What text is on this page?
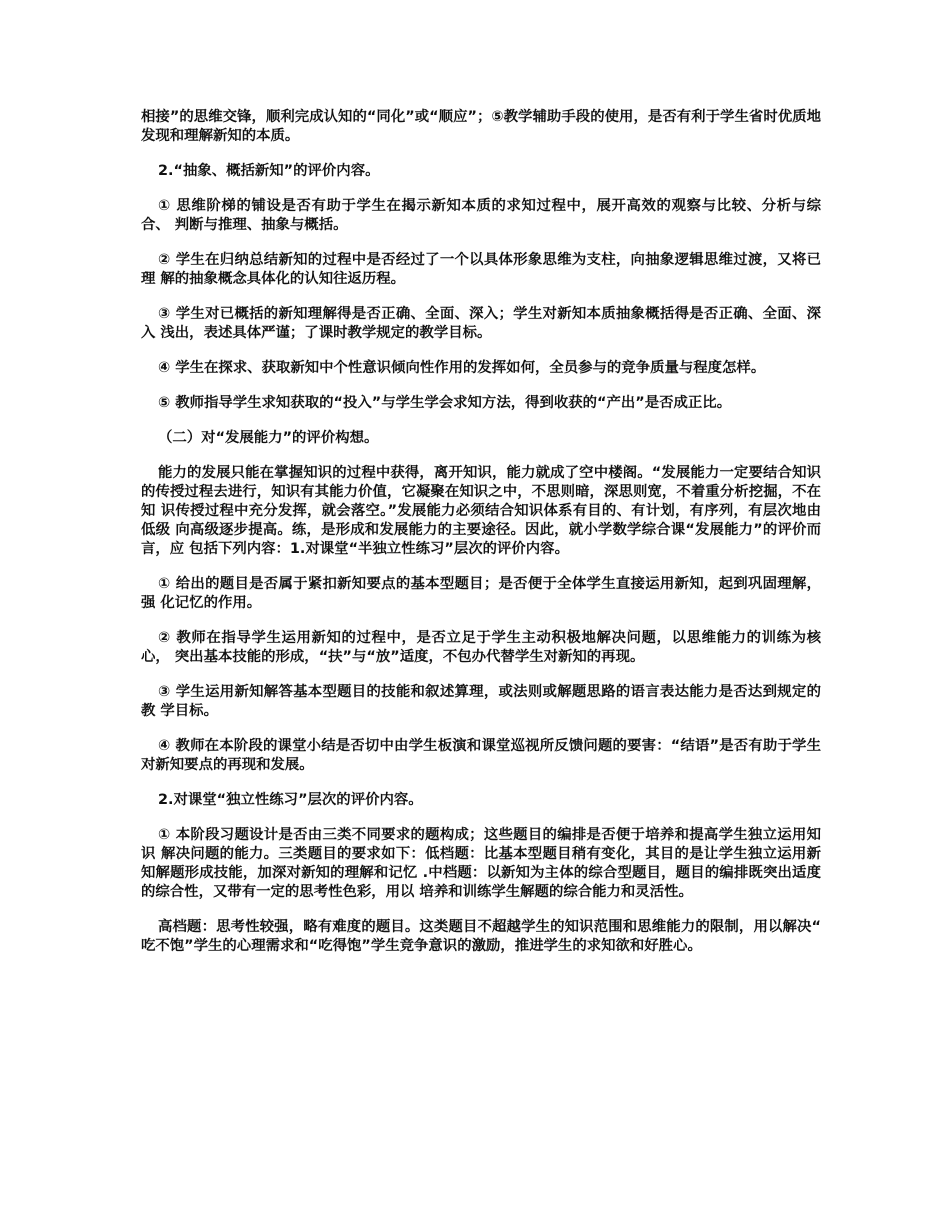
相接”的思维交锋，顺利完成认知的“同化”或“顺应”；⑤教学辅助手段的使用，是否有利于学生省时优质地发现和理解新知的本质。

2.“抽象、概括新知”的评价内容。

① 思维阶梯的铺设是否有助于学生在揭示新知本质的求知过程中，展开高效的观察与比较、分析与综合、 判断与推理、抽象与概括。

② 学生在归纳总结新知的过程中是否经过了一个以具体形象思维为支柱，向抽象逻辑思维过渡，又将已理 解的抽象概念具体化的认知往返历程。

③ 学生对已概括的新知理解得是否正确、全面、深入；学生对新知本质抽象概括得是否正确、全面、深入 浅出，表述具体严谨；了课时教学规定的教学目标。

④ 学生在探求、获取新知中个性意识倾向性作用的发挥如何，全员参与的竞争质量与程度怎样。

⑤ 教师指导学生求知获取的“投入”与学生学会求知方法，得到收获的“产出”是否成正比。

（二）对“发展能力”的评价构想。

能力的发展只能在掌握知识的过程中获得，离开知识，能力就成了空中楼阁。“发展能力一定要结合知识 的传授过程去进行，知识有其能力价值，它凝聚在知识之中，不思则暗，深思则宽，不着重分析挖掘，不在知 识传授过程中充分发挥，就会落空。”发展能力必须结合知识体系有目的、有计划，有序列，有层次地由低级 向高级逐步提高。练，是形成和发展能力的主要途径。因此，就小学数学综合课“发展能力”的评价而言，应 包括下列内容：1.对课堂“半独立性练习”层次的评价内容。

① 给出的题目是否属于紧扣新知要点的基本型题目；是否便于全体学生直接运用新知，起到巩固理解，强 化记忆的作用。

② 教师在指导学生运用新知的过程中，是否立足于学生主动积极地解决问题，以思维能力的训练为核心， 突出基本技能的形成，“扶”与“放”适度，不包办代替学生对新知的再现。

③ 学生运用新知解答基本型题目的技能和叙述算理，或法则或解题思路的语言表达能力是否达到规定的教 学目标。

④ 教师在本阶段的课堂小结是否切中由学生板演和课堂巡视所反馈问题的要害：“结语”是否有助于学生 对新知要点的再现和发展。

2.对课堂“独立性练习”层次的评价内容。

① 本阶段习题设计是否由三类不同要求的题构成；这些题目的编排是否便于培养和提高学生独立运用知识 解决问题的能力。三类题目的要求如下：低档题：比基本型题目稍有变化，其目的是让学生独立运用新知解题形成技能，加深对新知的理解和记忆 .中档题：以新知为主体的综合型题目，题目的编排既突出适度的综合性，又带有一定的思考性色彩，用以 培养和训练学生解题的综合能力和灵活性。

高档题：思考性较强，略有难度的题目。这类题目不超越学生的知识范围和思维能力的限制，用以解决“ 吃不饱”学生的心理需求和“吃得饱”学生竞争意识的激励，推进学生的求知欲和好胜心。
